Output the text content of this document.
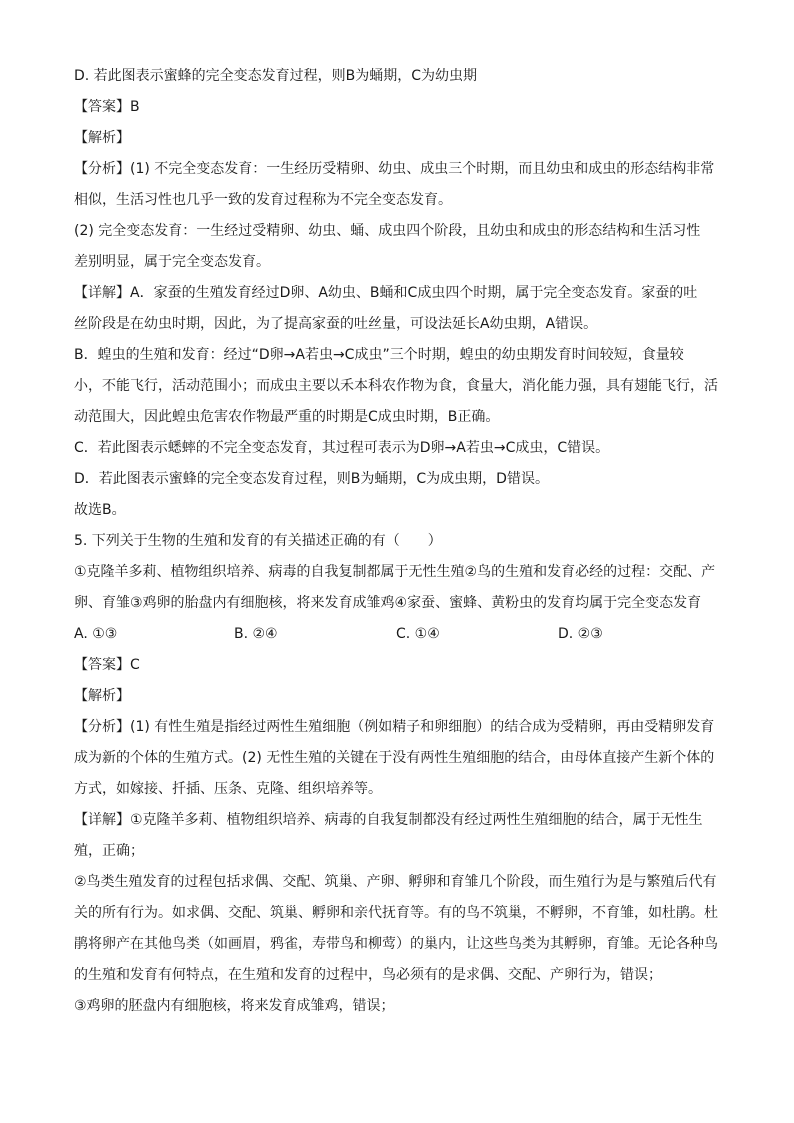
D. 若此图表示蜜蜂的完全变态发育过程，则B为蛹期，C为幼虫期
【答案】B
【解析】
【分析】(1) 不完全变态发育：一生经历受精卵、幼虫、成虫三个时期，而且幼虫和成虫的形态结构非常
相似，生活习性也几乎一致的发育过程称为不完全变态发育。
(2) 完全变态发育：一生经过受精卵、幼虫、蛹、成虫四个阶段，且幼虫和成虫的形态结构和生活习性
差别明显，属于完全变态发育。
【详解】A．家蚕的生殖发育经过D卵、A幼虫、B蛹和C成虫四个时期，属于完全变态发育。家蚕的吐
丝阶段是在幼虫时期，因此，为了提高家蚕的吐丝量，可设法延长A幼虫期，A错误。
B．蝗虫的生殖和发育：经过“D卵→A若虫→C成虫”三个时期，蝗虫的幼虫期发育时间较短，食量较
小，不能飞行，活动范围小；而成虫主要以禾本科农作物为食，食量大，消化能力强，具有翅能飞行，活
动范围大，因此蝗虫危害农作物最严重的时期是C成虫时期，B正确。
C．若此图表示蟋蟀的不完全变态发育，其过程可表示为D卵→A若虫→C成虫，C错误。
D．若此图表示蜜蜂的完全变态发育过程，则B为蛹期，C为成虫期，D错误。
故选B。
5. 下列关于生物的生殖和发育的有关描述正确的有（　　）
①克隆羊多莉、植物组织培养、病毒的自我复制都属于无性生殖②鸟的生殖和发育必经的过程：交配、产
卵、育雏③鸡卵的胎盘内有细胞核，将来发育成雏鸡④家蚕、蜜蜂、黄粉虫的发育均属于完全变态发育
A. ①③	B. ②④	C. ①④	D. ②③
【答案】C
【解析】
【分析】(1) 有性生殖是指经过两性生殖细胞（例如精子和卵细胞）的结合成为受精卵，再由受精卵发育
成为新的个体的生殖方式。(2) 无性生殖的关键在于没有两性生殖细胞的结合，由母体直接产生新个体的
方式，如嫁接、扦插、压条、克隆、组织培养等。
【详解】①克隆羊多莉、植物组织培养、病毒的自我复制都没有经过两性生殖细胞的结合，属于无性生
殖，正确；
②鸟类生殖发育的过程包括求偶、交配、筑巢、产卵、孵卵和育雏几个阶段，而生殖行为是与繁殖后代有
关的所有行为。如求偶、交配、筑巢、孵卵和亲代抚育等。有的鸟不筑巢，不孵卵，不育雏，如杜鹃。杜
鹃将卵产在其他鸟类（如画眉，鸦雀，寿带鸟和柳莺）的巢内，让这些鸟类为其孵卵，育雏。无论各种鸟
的生殖和发育有何特点，在生殖和发育的过程中，鸟必须有的是求偶、交配、产卵行为，错误；
③鸡卵的胚盘内有细胞核，将来发育成雏鸡，错误；
